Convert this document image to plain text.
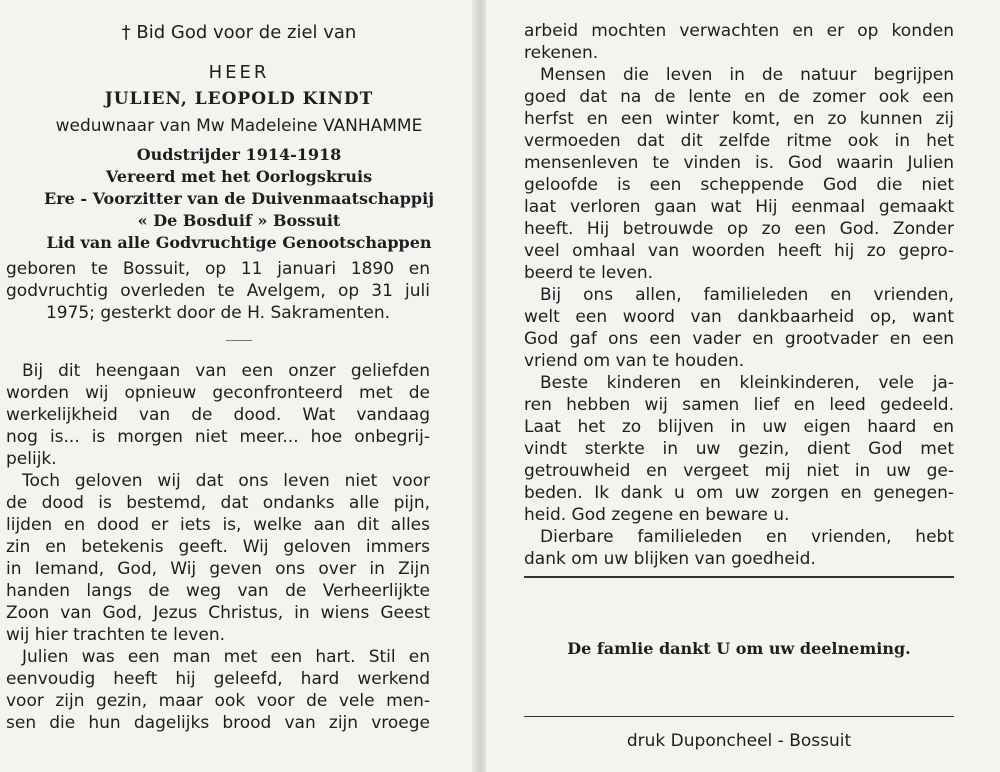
† Bid God voor de ziel van
HEER
JULIEN, LEOPOLD KINDT
weduwnaar van Mw Madeleine VANHAMME
Oudstrijder 1914-1918
Vereerd met het Oorlogskruis
Ere - Voorzitter van de Duivenmaatschappij
« De Bosduif » Bossuit
Lid van alle Godvruchtige Genootschappen
geboren te Bossuit, op 11 januari 1890 en
godvruchtig overleden te Avelgem, op 31 juli
1975; gesterkt door de H. Sakramenten.
Bij dit heengaan van een onzer geliefden
worden wij opnieuw geconfronteerd met de
werkelijkheid van de dood. Wat vandaag
nog is... is morgen niet meer... hoe onbegrij-
pelijk.
Toch geloven wij dat ons leven niet voor
de dood is bestemd, dat ondanks alle pijn,
lijden en dood er iets is, welke aan dit alles
zin en betekenis geeft. Wij geloven immers
in Iemand, God, Wij geven ons over in Zijn
handen langs de weg van de Verheerlijkte
Zoon van God, Jezus Christus, in wiens Geest
wij hier trachten te leven.
Julien was een man met een hart. Stil en
eenvoudig heeft hij geleefd, hard werkend
voor zijn gezin, maar ook voor de vele men-
sen die hun dagelijks brood van zijn vroege
arbeid mochten verwachten en er op konden
rekenen.
Mensen die leven in de natuur begrijpen
goed dat na de lente en de zomer ook een
herfst en een winter komt, en zo kunnen zij
vermoeden dat dit zelfde ritme ook in het
mensenleven te vinden is. God waarin Julien
geloofde is een scheppende God die niet
laat verloren gaan wat Hij eenmaal gemaakt
heeft. Hij betrouwde op zo een God. Zonder
veel omhaal van woorden heeft hij zo gepro-
beerd te leven.
Bij ons allen, familieleden en vrienden,
welt een woord van dankbaarheid op, want
God gaf ons een vader en grootvader en een
vriend om van te houden.
Beste kinderen en kleinkinderen, vele ja-
ren hebben wij samen lief en leed gedeeld.
Laat het zo blijven in uw eigen haard en
vindt sterkte in uw gezin, dient God met
getrouwheid en vergeet mij niet in uw ge-
beden. Ik dank u om uw zorgen en genegen-
heid. God zegene en beware u.
Dierbare familieleden en vrienden, hebt
dank om uw blijken van goedheid.
De famlie dankt U om uw deelneming.
druk Duponcheel - Bossuit
